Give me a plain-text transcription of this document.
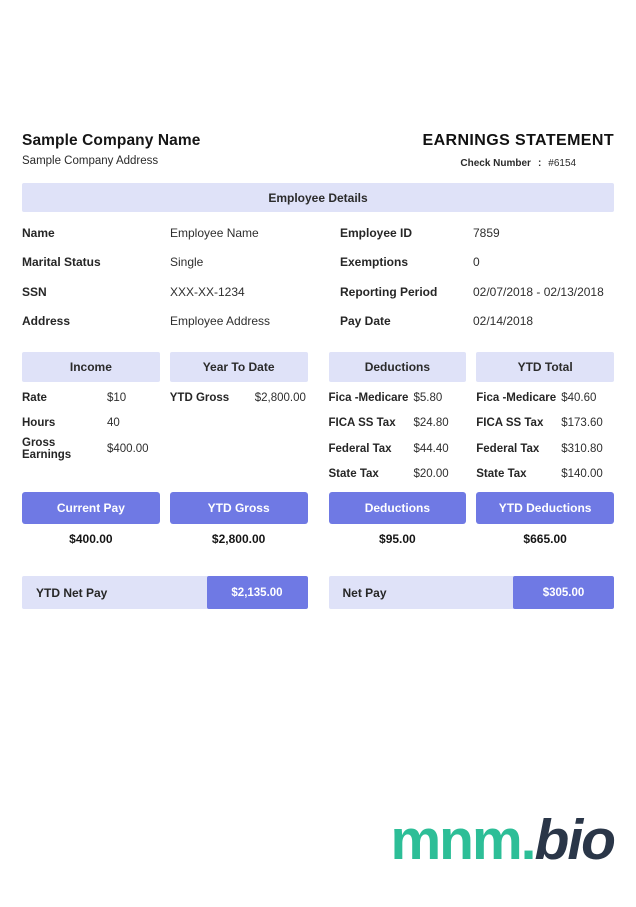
Sample Company Name
Sample Company Address
EARNINGS STATEMENT
Check Number : #6154
Employee Details
Name	Employee Name	Employee ID	7859
Marital Status	Single	Exemptions	0
SSN	XXX-XX-1234	Reporting Period	02/07/2018 - 02/13/2018
Address	Employee Address	Pay Date	02/14/2018
Income
Rate	$10
Hours	40
Gross Earnings	$400.00
Year To Date
YTD Gross	$2,800.00
Deductions
Fica -Medicare $5.80
FICA SS Tax	$24.80
Federal Tax	$44.40
State Tax	$20.00
YTD Total
Fica -Medicare $40.60
FICA SS Tax	$173.60
Federal Tax	$310.80
State Tax	$140.00
Current Pay	YTD Gross	Deductions	YTD Deductions
$400.00	$2,800.00	$95.00	$665.00
YTD Net Pay	$2,135.00	Net Pay	$305.00
mnm.bio
